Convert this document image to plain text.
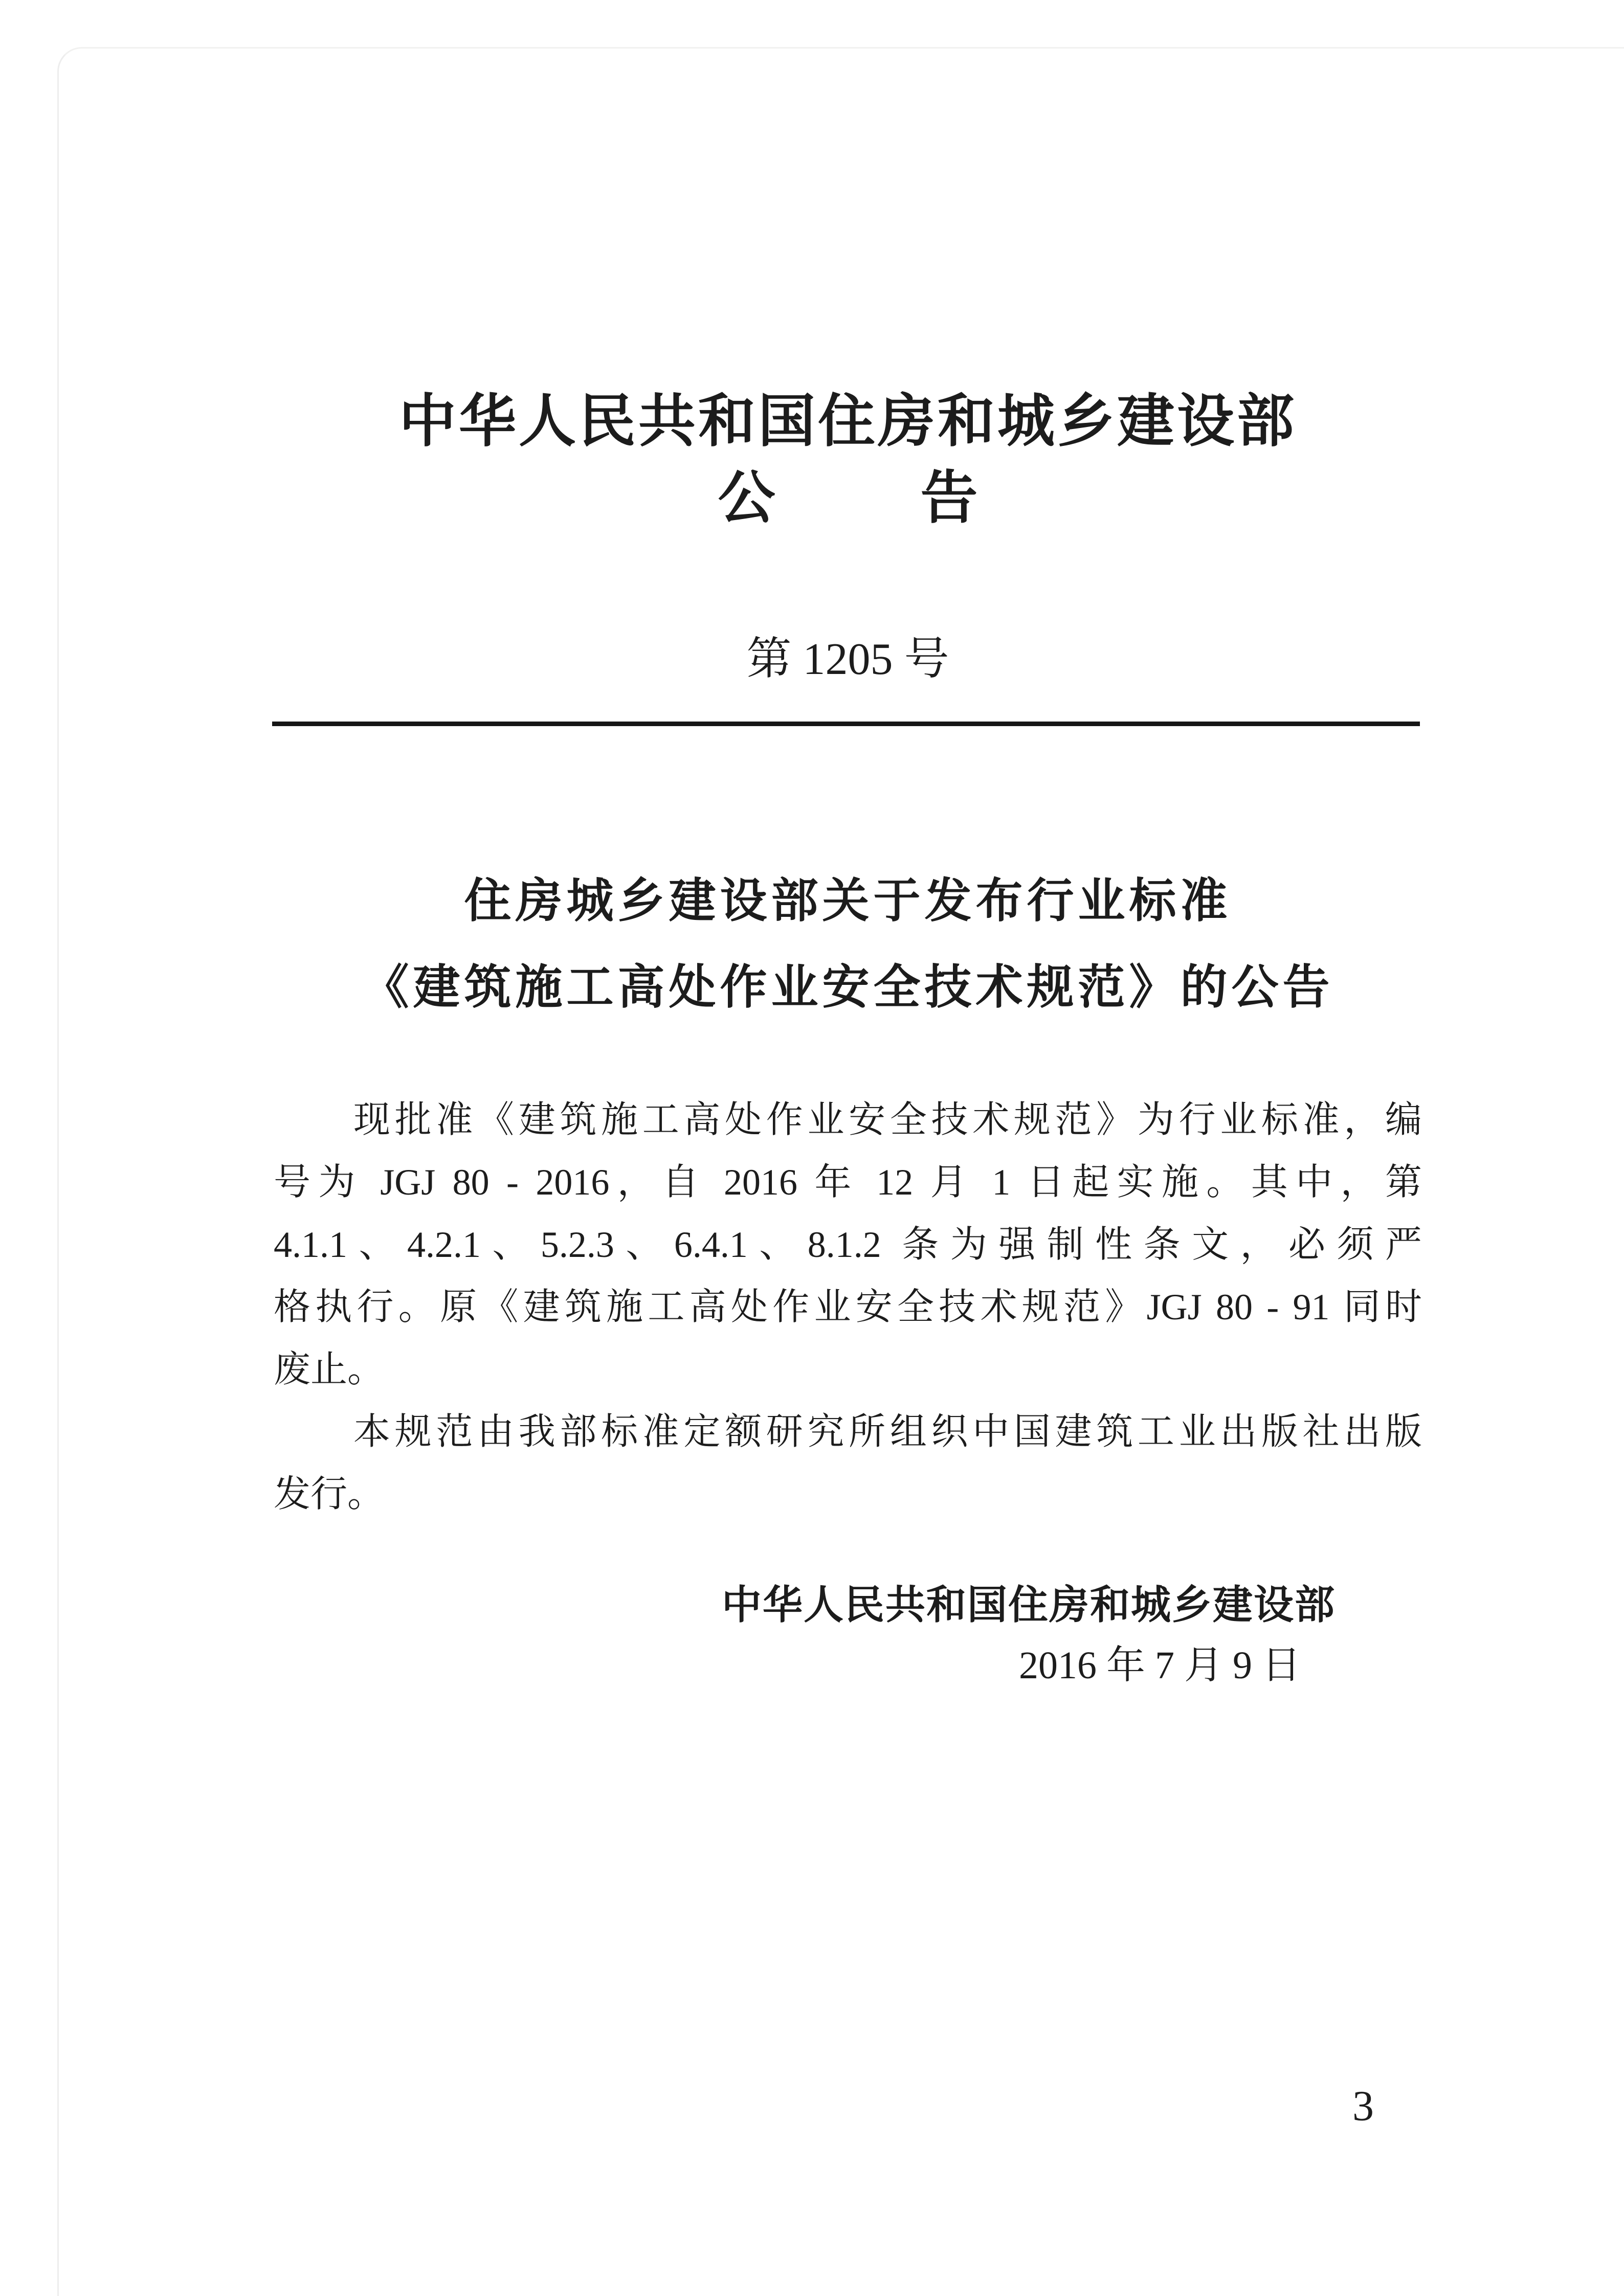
中华人民共和国住房和城乡建设部
公	告
第 1205 号
住房城乡建设部关于发布行业标准
《建筑施工高处作业安全技术规范》的公告
现批准《建筑施工高处作业安全技术规范》为行业标准，编
号为 JGJ 80 - 2016，自 2016 年 12 月 1 日起实施。其中，第
4.1.1、4.2.1、5.2.3、6.4.1、8.1.2 条为强制性条文，必须严
格执行。原《建筑施工高处作业安全技术规范》JGJ 80 - 91 同时
废止。
本规范由我部标准定额研究所组织中国建筑工业出版社出版
发行。
中华人民共和国住房和城乡建设部
2016 年 7 月 9 日
3
